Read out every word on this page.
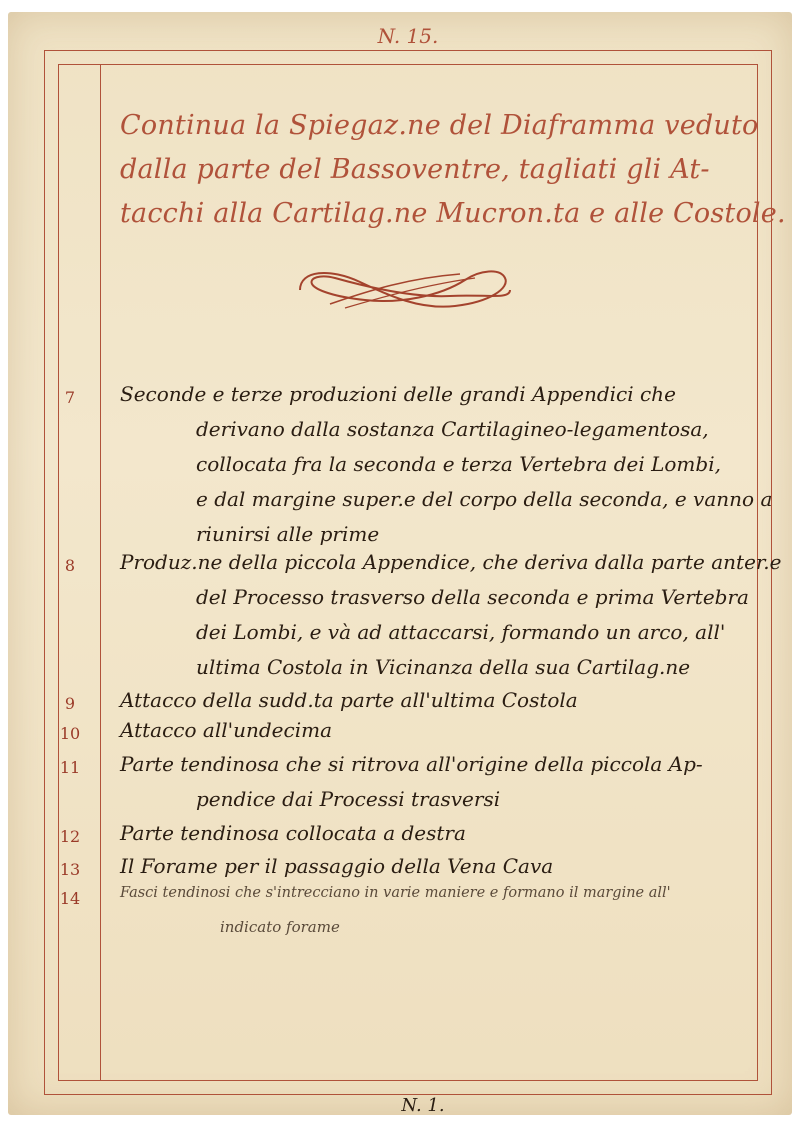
N. 15.
Continua la Spiegaz.ne del Diaframma veduto
dalla parte del Bassoventre, tagliati gli At-
tacchi alla Cartilag.ne Mucron.ta e alle Costole.
7	Seconde e terze produzioni delle grandi Appendici che
derivano dalla sostanza Cartilagineo-legamentosa,
collocata fra la seconda e terza Vertebra dei Lombi,
e dal margine super.e del corpo della seconda, e vanno a
riunirsi alle prime
8	Produz.ne della piccola Appendice, che deriva dalla parte anter.e
del Processo trasverso della seconda e prima Vertebra
dei Lombi, e và ad attaccarsi, formando un arco, all'
ultima Costola in Vicinanza della sua Cartilag.ne
9	Attacco della sudd.ta parte all'ultima Costola
10	Attacco all'undecima
11	Parte tendinosa che si ritrova all'origine della piccola Ap-
pendice dai Processi trasversi
12	Parte tendinosa collocata a destra
13	Il Forame per il passaggio della Vena Cava
14	Fasci tendinosi che s'intrecciano in varie maniere e formano il margine all'
indicato forame
N. 1.
